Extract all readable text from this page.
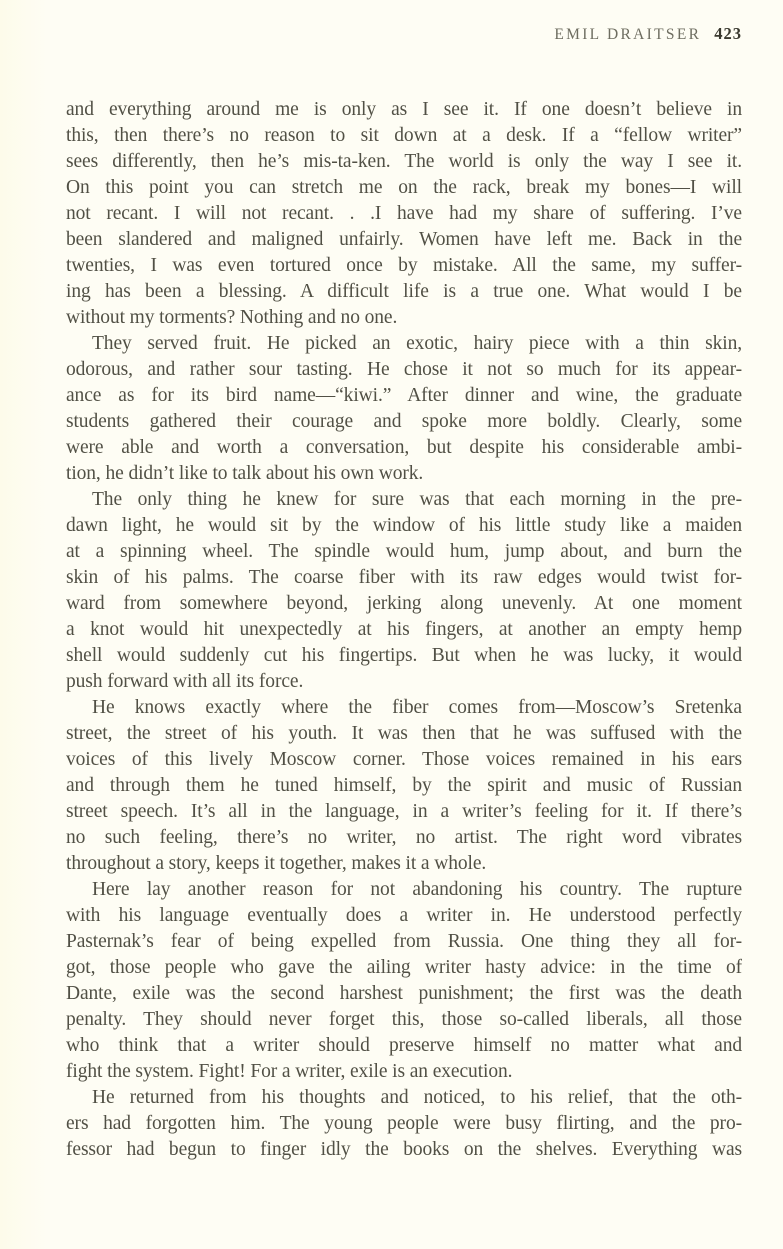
EMIL DRAITSER 423
and everything around me is only as I see it. If one doesn’t believe in
this, then there’s no reason to sit down at a desk. If a “fellow writer”
sees differently, then he’s mis-ta-ken. The world is only the way I see it.
On this point you can stretch me on the rack, break my bones—I will
not recant. I will not recant. . .I have had my share of suffering. I’ve
been slandered and maligned unfairly. Women have left me. Back in the
twenties, I was even tortured once by mistake. All the same, my suffer-
ing has been a blessing. A difficult life is a true one. What would I be
without my torments? Nothing and no one.
They served fruit. He picked an exotic, hairy piece with a thin skin,
odorous, and rather sour tasting. He chose it not so much for its appear-
ance as for its bird name—“kiwi.” After dinner and wine, the graduate
students gathered their courage and spoke more boldly. Clearly, some
were able and worth a conversation, but despite his considerable ambi-
tion, he didn’t like to talk about his own work.
The only thing he knew for sure was that each morning in the pre-
dawn light, he would sit by the window of his little study like a maiden
at a spinning wheel. The spindle would hum, jump about, and burn the
skin of his palms. The coarse fiber with its raw edges would twist for-
ward from somewhere beyond, jerking along unevenly. At one moment
a knot would hit unexpectedly at his fingers, at another an empty hemp
shell would suddenly cut his fingertips. But when he was lucky, it would
push forward with all its force.
He knows exactly where the fiber comes from—Moscow’s Sretenka
street, the street of his youth. It was then that he was suffused with the
voices of this lively Moscow corner. Those voices remained in his ears
and through them he tuned himself, by the spirit and music of Russian
street speech. It’s all in the language, in a writer’s feeling for it. If there’s
no such feeling, there’s no writer, no artist. The right word vibrates
throughout a story, keeps it together, makes it a whole.
Here lay another reason for not abandoning his country. The rupture
with his language eventually does a writer in. He understood perfectly
Pasternak’s fear of being expelled from Russia. One thing they all for-
got, those people who gave the ailing writer hasty advice: in the time of
Dante, exile was the second harshest punishment; the first was the death
penalty. They should never forget this, those so-called liberals, all those
who think that a writer should preserve himself no matter what and
fight the system. Fight! For a writer, exile is an execution.
He returned from his thoughts and noticed, to his relief, that the oth-
ers had forgotten him. The young people were busy flirting, and the pro-
fessor had begun to finger idly the books on the shelves. Everything was
